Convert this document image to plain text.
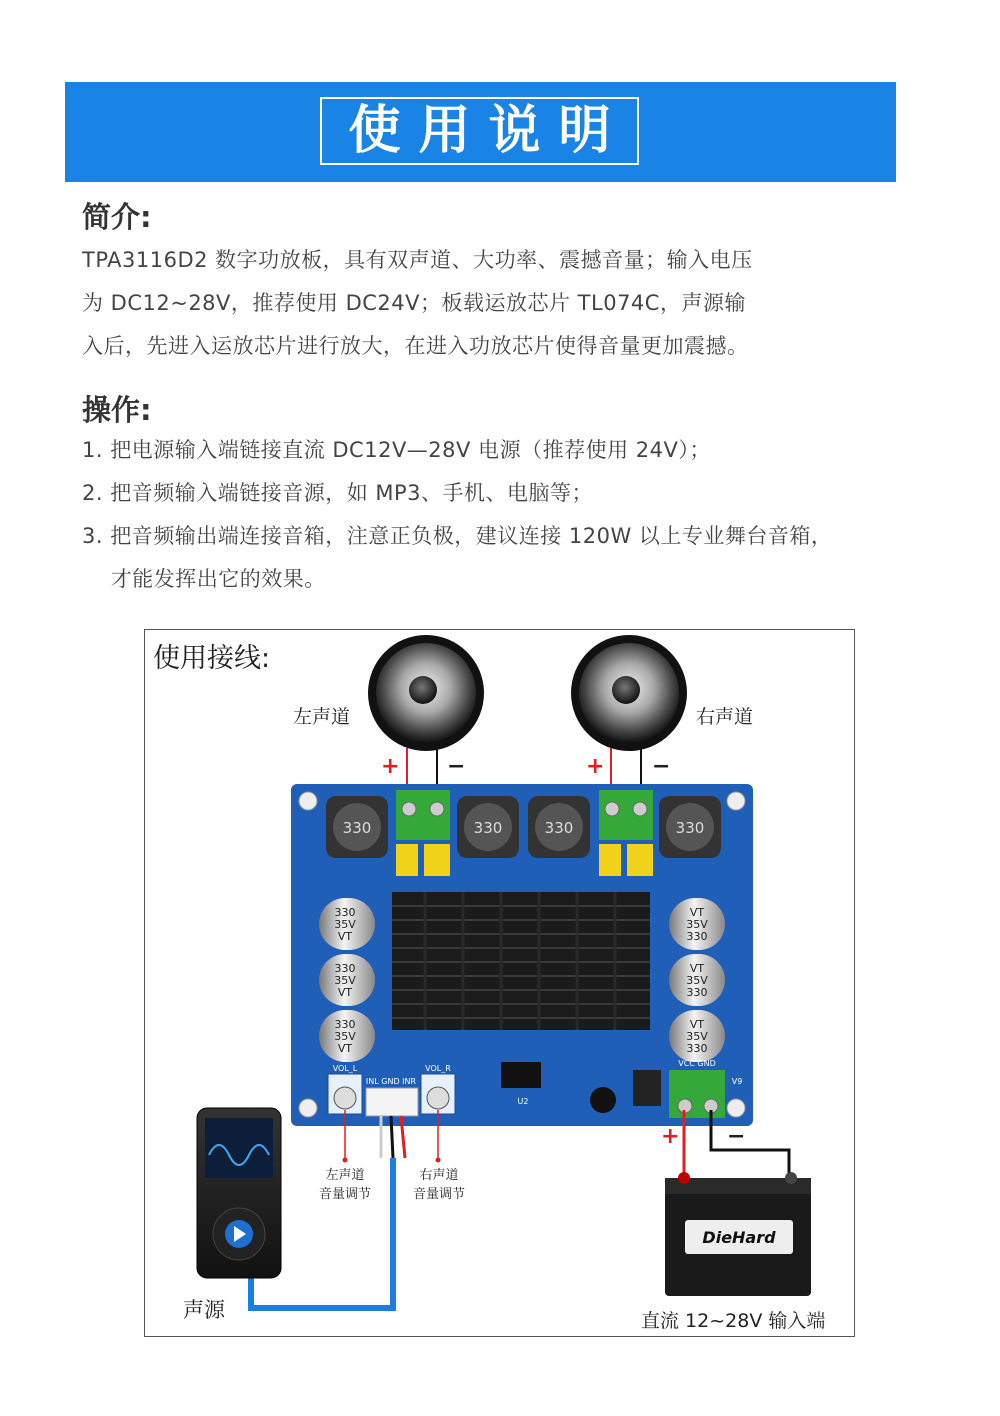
使用说明
简介:
TPA3116D2 数字功放板，具有双声道、大功率、震撼音量；输入电压
为 DC12~28V，推荐使用 DC24V；板载运放芯片 TL074C，声源输
入后，先进入运放芯片进行放大，在进入功放芯片使得音量更加震撼。
操作:
1. 把电源输入端链接直流 DC12V—28V 电源（推荐使用 24V）；
2. 把音频输入端链接音源，如 MP3、手机、电脑等；
3. 把音频输出端连接音箱，注意正负极，建议连接 120W 以上专业舞台音箱，
才能发挥出它的效果。
使用接线:
330	330	330	330
330
35V
VT
330
35V
VT
330
35V
VT
VT
35V
330
VT
35V
330
VT
35V
330
U2
VOL_L	VOL_R
INL GND INR
VCC GND
V9
DieHard
左声道	右声道
+ −	+ −
+ −
左声道
音量调节
右声道
音量调节
声源	直流 12~28V 输入端
